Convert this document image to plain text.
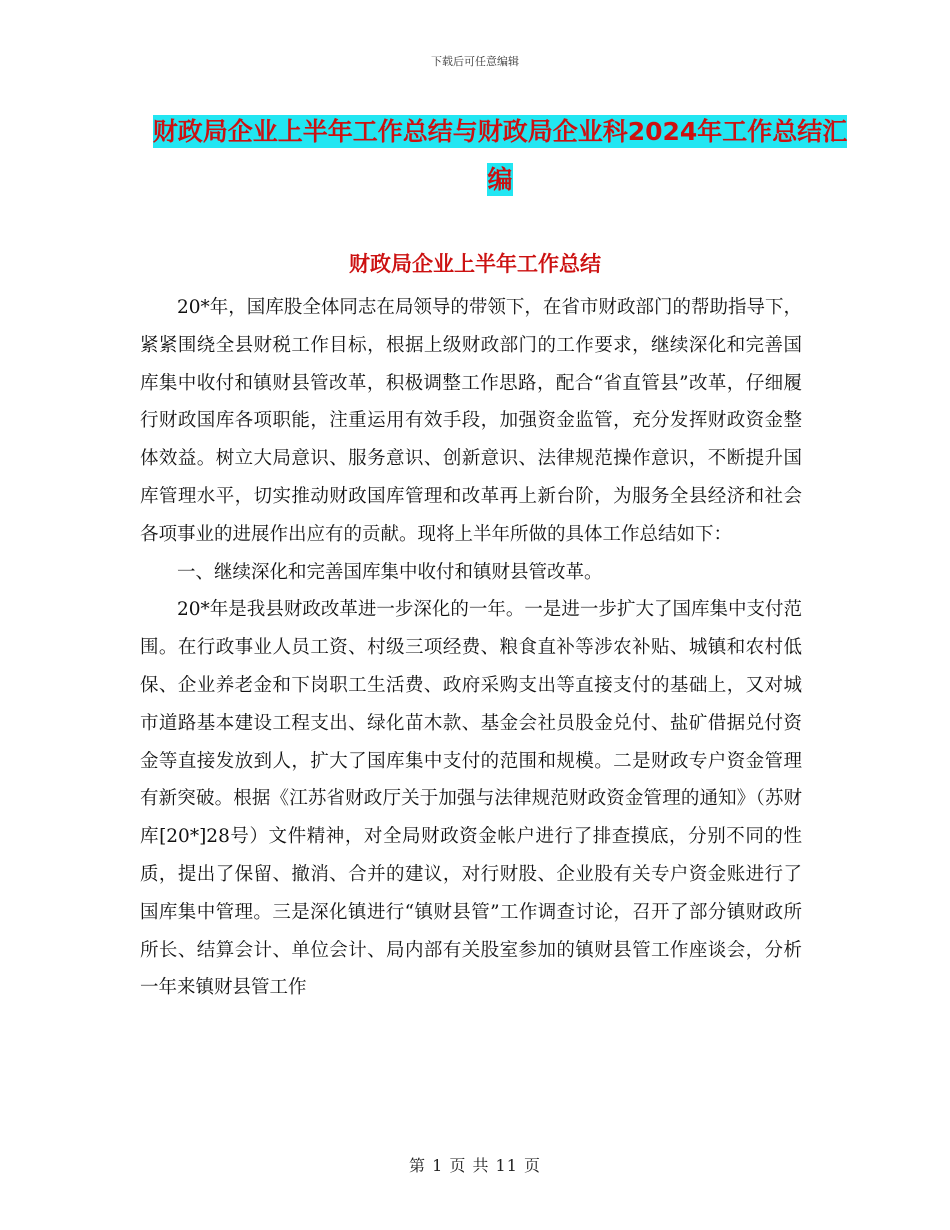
下载后可任意编辑
财政局企业上半年工作总结与财政局企业科2024年工作总结汇编
财政局企业上半年工作总结

20*年，国库股全体同志在局领导的带领下，在省市财政部门的帮助指导下，紧紧围绕全县财税工作目标，根据上级财政部门的工作要求，继续深化和完善国库集中收付和镇财县管改革，积极调整工作思路，配合“省直管县”改革，仔细履行财政国库各项职能，注重运用有效手段，加强资金监管，充分发挥财政资金整体效益。树立大局意识、服务意识、创新意识、法律规范操作意识，不断提升国库管理水平，切实推动财政国库管理和改革再上新台阶，为服务全县经济和社会各项事业的进展作出应有的贡献。现将上半年所做的具体工作总结如下：

一、继续深化和完善国库集中收付和镇财县管改革。

20*年是我县财政改革进一步深化的一年。一是进一步扩大了国库集中支付范围。在行政事业人员工资、村级三项经费、粮食直补等涉农补贴、城镇和农村低保、企业养老金和下岗职工生活费、政府采购支出等直接支付的基础上，又对城市道路基本建设工程支出、绿化苗木款、基金会社员股金兑付、盐矿借据兑付资金等直接发放到人，扩大了国库集中支付的范围和规模。二是财政专户资金管理有新突破。根据《江苏省财政厅关于加强与法律规范财政资金管理的通知》（苏财库[20*]28号）文件精神，对全局财政资金帐户进行了排查摸底，分别不同的性质，提出了保留、撤消、合并的建议，对行财股、企业股有关专户资金账进行了国库集中管理。三是深化镇进行“镇财县管”工作调查讨论，召开了部分镇财政所所长、结算会计、单位会计、局内部有关股室参加的镇财县管工作座谈会，分析一年来镇财县管工作

第 1 页 共 11 页
